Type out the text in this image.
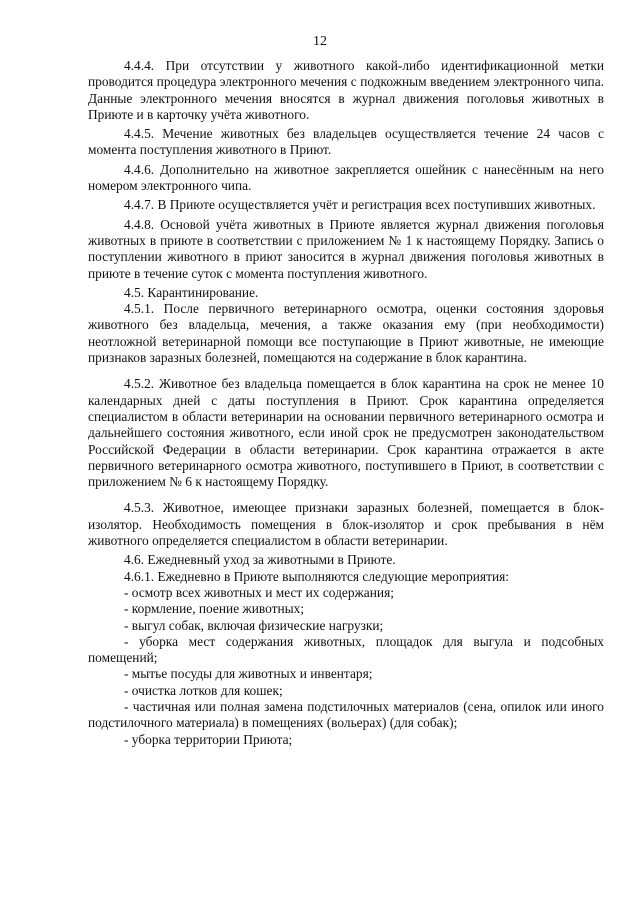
12

4.4.4. При отсутствии у животного какой-либо идентификационной метки проводится процедура электронного мечения с подкожным введением электронного чипа. Данные электронного мечения вносятся в журнал движения поголовья животных в Приюте и в карточку учёта животного.

4.4.5. Мечение животных без владельцев осуществляется течение 24 часов с момента поступления животного в Приют.

4.4.6. Дополнительно на животное закрепляется ошейник с нанесённым на него номером электронного чипа.

4.4.7. В Приюте осуществляется учёт и регистрация всех поступивших животных.

4.4.8. Основой учёта животных в Приюте является журнал движения поголовья животных в приюте в соответствии с приложением № 1 к настоящему Порядку. Запись о поступлении животного в приют заносится в журнал движения поголовья животных в приюте в течение суток с момента поступления животного.

4.5. Карантинирование.

4.5.1. После первичного ветеринарного осмотра, оценки состояния здоровья животного без владельца, мечения, а также оказания ему (при необходимости) неотложной ветеринарной помощи все поступающие в Приют животные, не имеющие признаков заразных болезней, помещаются на содержание в блок карантина.

4.5.2. Животное без владельца помещается в блок карантина на срок не менее 10 календарных дней с даты поступления в Приют. Срок карантина определяется специалистом в области ветеринарии на основании первичного ветеринарного осмотра и дальнейшего состояния животного, если иной срок не предусмотрен законодательством Российской Федерации в области ветеринарии. Срок карантина отражается в акте первичного ветеринарного осмотра животного, поступившего в Приют, в соответствии с приложением № 6 к настоящему Порядку.

4.5.3. Животное, имеющее признаки заразных болезней, помещается в блок-изолятор. Необходимость помещения в блок-изолятор и срок пребывания в нём животного определяется специалистом в области ветеринарии.

4.6. Ежедневный уход за животными в Приюте.

4.6.1. Ежедневно в Приюте выполняются следующие мероприятия:

- осмотр всех животных и мест их содержания;

- кормление, поение животных;

- выгул собак, включая физические нагрузки;

- уборка мест содержания животных, площадок для выгула и подсобных помещений;

- мытье посуды для животных и инвентаря;

- очистка лотков для кошек;

- частичная или полная замена подстилочных материалов (сена, опилок или иного подстилочного материала) в помещениях (вольерах) (для собак);

- уборка территории Приюта;
